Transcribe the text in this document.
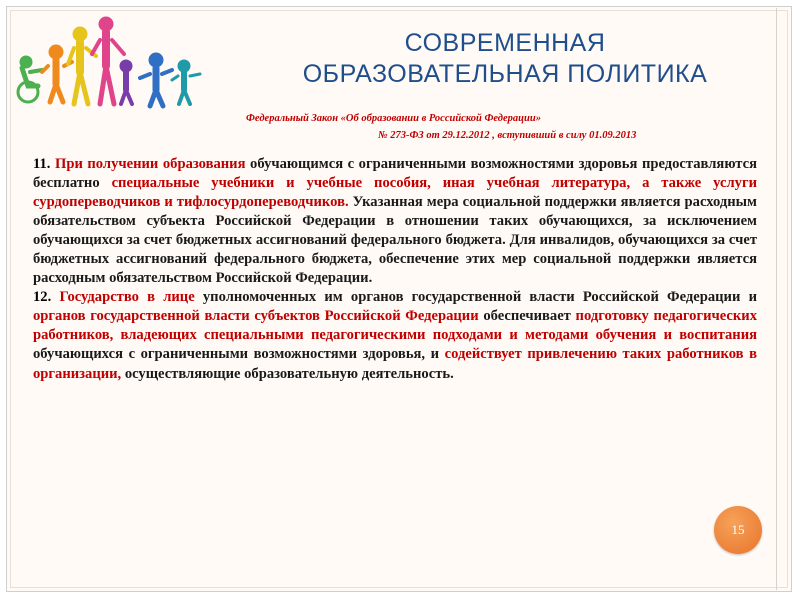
СОВРЕМЕННАЯ
ОБРАЗОВАТЕЛЬНАЯ ПОЛИТИКА
Федеральный Закон «Об образовании в Российской Федерации»
№ 273-ФЗ от 29.12.2012 , вступивший в силу 01.09.2013
11. При получении образования обучающимся с ограниченными возможностями здоровья предоставляются бесплатно специальные учебники и учебные пособия, иная учебная литература, а также услуги сурдопереводчиков и тифлосурдопереводчиков. Указанная мера социальной поддержки является расходным обязательством субъекта Российской Федерации в отношении таких обучающихся, за исключением обучающихся за счет бюджетных ассигнований федерального бюджета. Для инвалидов, обучающихся за счет бюджетных ассигнований федерального бюджета, обеспечение этих мер социальной поддержки является расходным обязательством Российской Федерации.
12. Государство в лице уполномоченных им органов государственной власти Российской Федерации и органов государственной власти субъектов Российской Федерации обеспечивает подготовку педагогических работников, владеющих специальными педагогическими подходами и методами обучения и воспитания обучающихся с ограниченными возможностями здоровья, и содействует привлечению таких работников в организации, осуществляющие образовательную деятельность.
15
